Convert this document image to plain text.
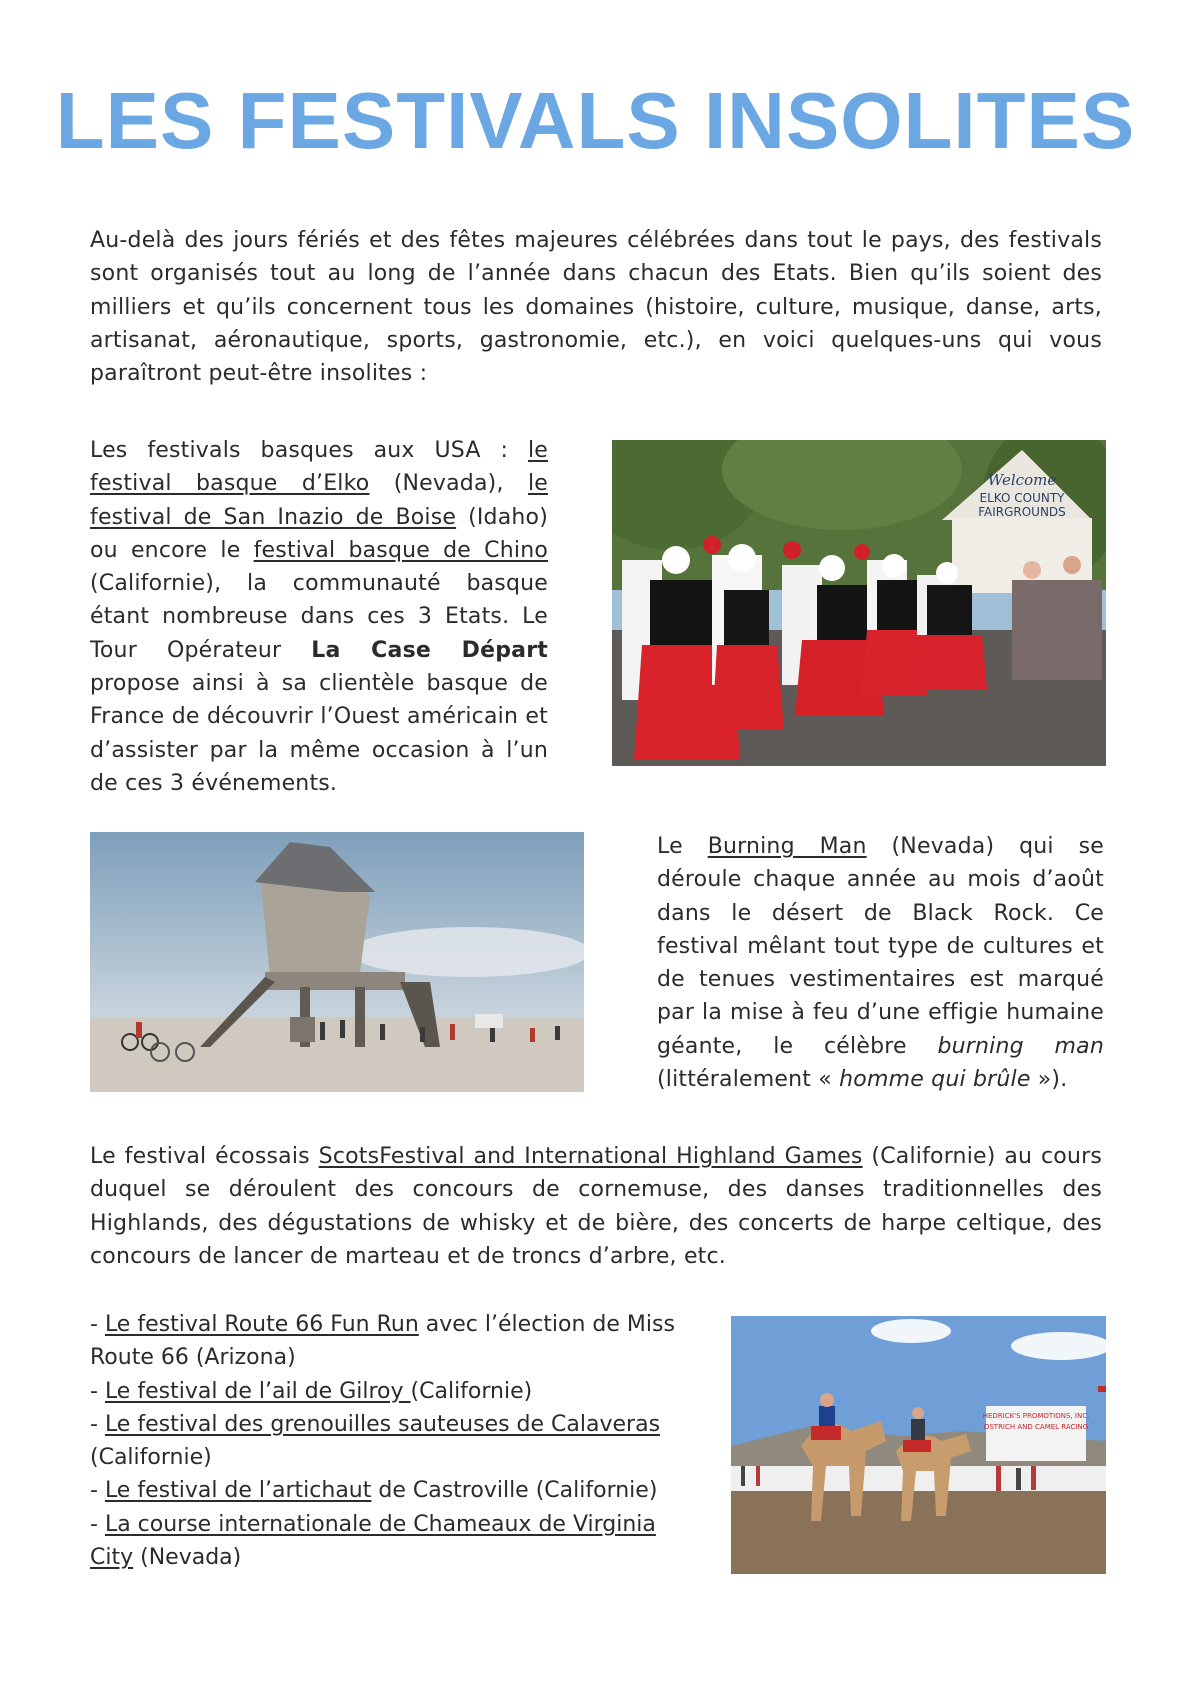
LES FESTIVALS INSOLITES

Au-delà des jours fériés et des fêtes majeures célébrées dans tout le pays, des festivals sont organisés tout au long de l’année dans chacun des Etats. Bien qu’ils soient des milliers et qu’ils concernent tous les domaines (histoire, culture, musique, danse, arts, artisanat, aéronautique, sports, gastronomie, etc.), en voici quelques-uns qui vous paraîtront peut-être insolites :

Les festivals basques aux USA : le festival basque d’Elko (Nevada), le festival de San Inazio de Boise (Idaho) ou encore le festival basque de Chino (Californie), la communauté basque étant nombreuse dans ces 3 Etats. Le Tour Opérateur La Case Départ propose ainsi à sa clientèle basque de France de découvrir l’Ouest américain et d’assister par la même occasion à l’un de ces 3 événements.

Welcome
ELKO COUNTY
FAIRGROUNDS

Le Burning Man (Nevada) qui se déroule chaque année au mois d’août dans le désert de Black Rock. Ce festival mêlant tout type de cultures et de tenues vestimentaires est marqué par la mise à feu d’une effigie humaine géante, le célèbre burning man (littéralement « homme qui brûle »).

Le festival écossais ScotsFestival and International Highland Games (Californie) au cours duquel se déroulent des concours de cornemuse, des danses traditionnelles des Highlands, des dégustations de whisky et de bière, des concerts de harpe celtique, des concours de lancer de marteau et de troncs d’arbre, etc.

- Le festival Route 66 Fun Run avec l’élection de Miss Route 66 (Arizona)
- Le festival de l’ail de Gilroy (Californie)
- Le festival des grenouilles sauteuses de Calaveras (Californie)
- Le festival de l’artichaut de Castroville (Californie)
- La course internationale de Chameaux de Virginia City (Nevada)
HEDRICK'S PROMOTIONS, INC.
OSTRICH AND CAMEL RACING
